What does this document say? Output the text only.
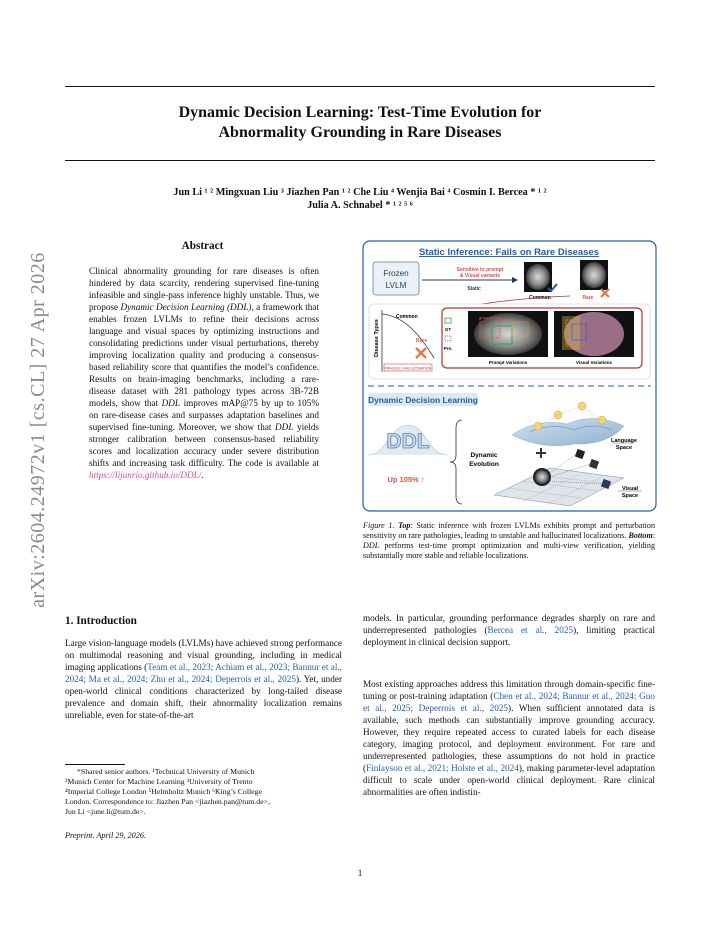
arXiv:2604.24972v1 [cs.CL] 27 Apr 2026
Dynamic Decision Learning: Test-Time Evolution for
Abnormality Grounding in Rare Diseases
Jun Li ¹ ² Mingxuan Liu ³ Jiazhen Pan ¹ ² Che Liu ⁴ Wenjia Bai ⁴ Cosmin I. Bercea * ¹ ²
Julia A. Schnabel * ¹ ² ⁵ ⁶
Abstract
Clinical abnormality grounding for rare diseases is often hindered by data scarcity, rendering supervised fine-tuning infeasible and single-pass inference highly unstable. Thus, we propose Dynamic Decision Learning (DDL), a framework that enables frozen LVLMs to refine their decisions across language and visual spaces by optimizing instructions and consolidating predictions under visual perturbations, thereby improving localization quality and producing a consensus-based reliability score that quantifies the model’s confidence. Results on brain-imaging benchmarks, including a rare-disease dataset with 281 pathology types across 3B-72B models, show that DDL improves mAP@75 by up to 105% on rare-disease cases and surpasses adaptation baselines and supervised fine-tuning. Moreover, we show that DDL yields stronger calibration between consensus-based reliability scores and localization accuracy under severe distribution shifts and increasing task difficulty. The code is available at https://lijunrio.github.io/DDL/.
Static Inference: Fails on Rare Diseases
Frozen
LVLM
Sensitive to prompt
& Visual variants
Static
Common	Rare
Disease Types
Common
Rare
FRAGILE | HALLUCINATION
GT
Pre.
Prompt Variations	Visual Variations
Dynamic Decision Learning
DDL
Up 105% ↑
Dynamic
Evolution
Language
Space
Visual
Space
Figure 1. Top: Static inference with frozen LVLMs exhibits prompt and perturbation sensitivity on rare pathologies, leading to unstable and hallucinated localizations. Bottom: DDL performs test-time prompt optimization and multi-view verification, yielding substantially more stable and reliable localizations.
1. Introduction
Large vision-language models (LVLMs) have achieved strong performance on multimodal reasoning and visual grounding, including in medical imaging applications (Team et al., 2023; Achiam et al., 2023; Bannur et al., 2024; Ma et al., 2024; Zhu et al., 2024; Deperrois et al., 2025). Yet, under open-world clinical conditions characterized by long-tailed disease prevalence and domain shift, their abnormality localization remains unreliable, even for state-of-the-art
models. In particular, grounding performance degrades sharply on rare and underrepresented pathologies (Bercea et al., 2025), limiting practical deployment in clinical decision support.
Most existing approaches address this limitation through domain-specific fine-tuning or post-training adaptation (Chen et al., 2024; Bannur et al., 2024; Guo et al., 2025; Deperrois et al., 2025). When sufficient annotated data is available, such methods can substantially improve grounding accuracy. However, they require repeated access to curated labels for each disease category, imaging protocol, and deployment environment. For rare and underrepresented pathologies, these assumptions do not hold in practice (Finlayson et al., 2021; Holste et al., 2024), making parameter-level adaptation difficult to scale under open-world clinical deployment. Rare clinical abnormalities are often indistin-
*Shared senior authors. ¹Technical University of Munich
²Munich Center for Machine Learning ³University of Trento
⁴Imperial College London ⁵Helmholtz Munich ⁶King’s College
London. Correspondence to: Jiazhen Pan <jiazhen.pan@tum.de>,
Jun Li <june.li@tum.de>.
Preprint. April 29, 2026.
1
